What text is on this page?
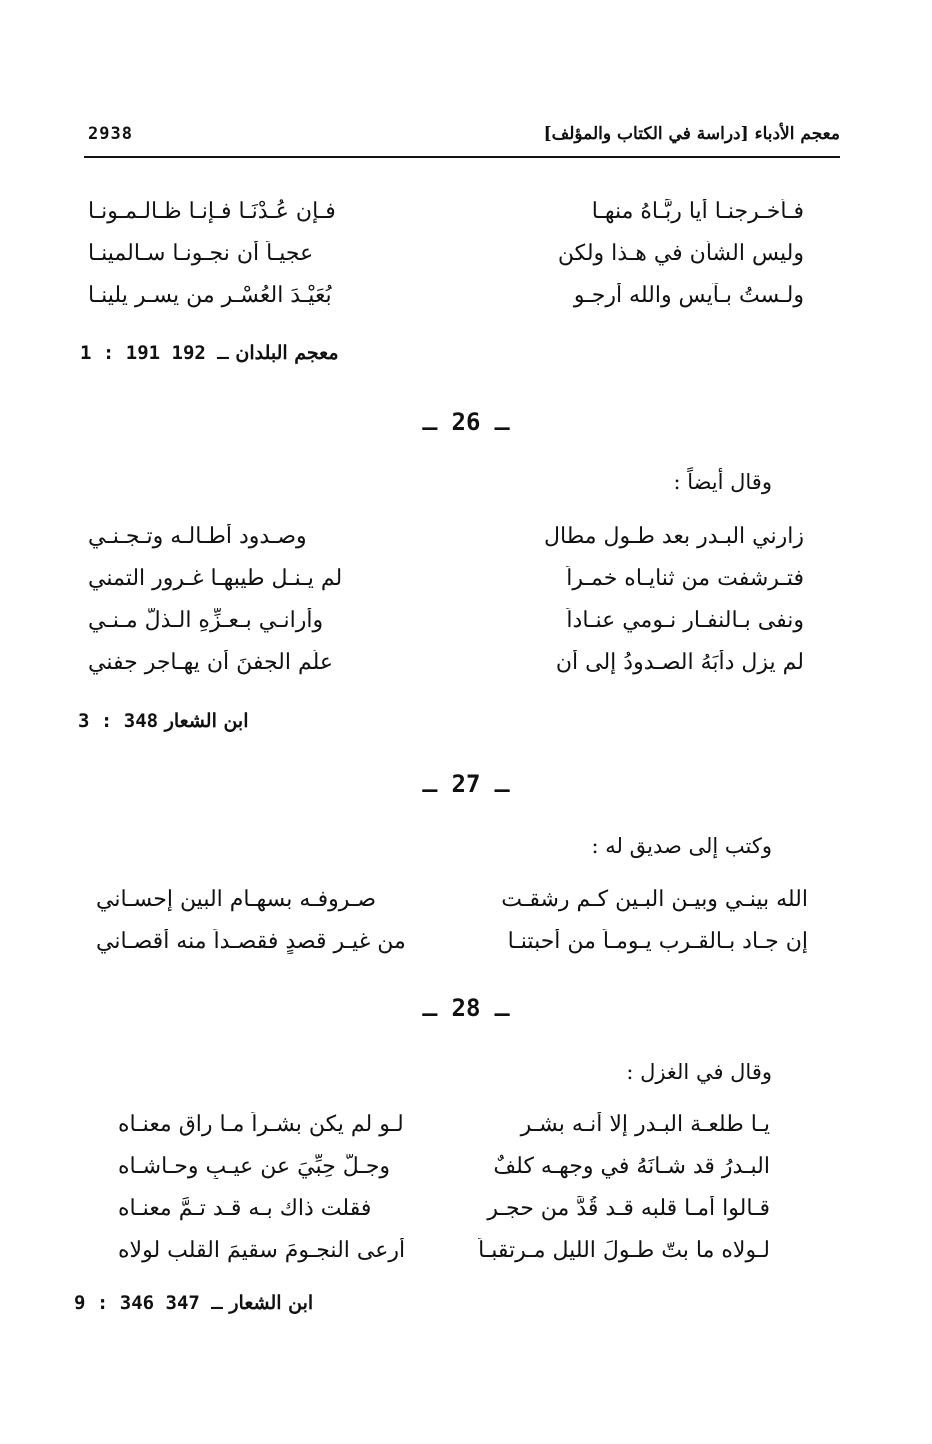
2938	معجم الأدباء [دراسة في الكتاب والمؤلف]
فـأخـرجنـا أيا ربَّـاهُ منهـا
فـإن عُـدْنَـا فـإنـا ظـالـمـونـا
وليس الشأن في هـذا ولكن
عجيـاً أن نجـونـا سـالمينـا
ولـستُ بـآيسٍ والله أرجـو
بُعَيْـدَ العُسْـرِ من يسـر يلينـا
معجم البلدان 1 : 191 ـ 192
ـ 26 ـ
وقال أيضاً :
زارني البـدر بعد طـول مطال
وصـدود أطـالـه وتـجـنـي
فتـرشفت من ثنايـاه خمـراً
لم يـنـل طيبهـا غـرور التمني
ونفى بـالنفـار نـومي عنـاداً
وأرانـي بـعـزِّهِ الـذلّ مـنـي
لم يزل دأبَهُ الصـدودُ إلى أن
علّم الجفنَ أن يهـاجر جفني
ابن الشعار 3 : 348
ـ 27 ـ
وكتب إلى صديق له :
الله بينـي وبيـن البـين كـم رشقـت
صـروفـه بسهـام البين إحسـاني
إن جـاد بـالقـرب يـومـاً من أحبتنـا
من غيـر قصدٍ فقصـداً منه أقصـاني
ـ 28 ـ
وقال في الغزل :
يـا طلعـة البـدر إلا أنـه بشـر
لـو لم يكن بشـراً مـا راق معنـاه
البـدرُ قد شـانَهُ في وجهـه كلفٌ
وجـلَّ حِبِّيَ عن عيـبٍ وحـاشـاه
قـالوا أمـا قلبه قـد قُدَّ من حجـر
فقلت ذاك بـه قـد تـمَّ معنـاه
لـولاه ما بتّ طـولَ الليل مـرتقبـاً
أرعى النجـومَ سقيمَ القلب لولاه
ابن الشعار 9 : 346 ـ 347
